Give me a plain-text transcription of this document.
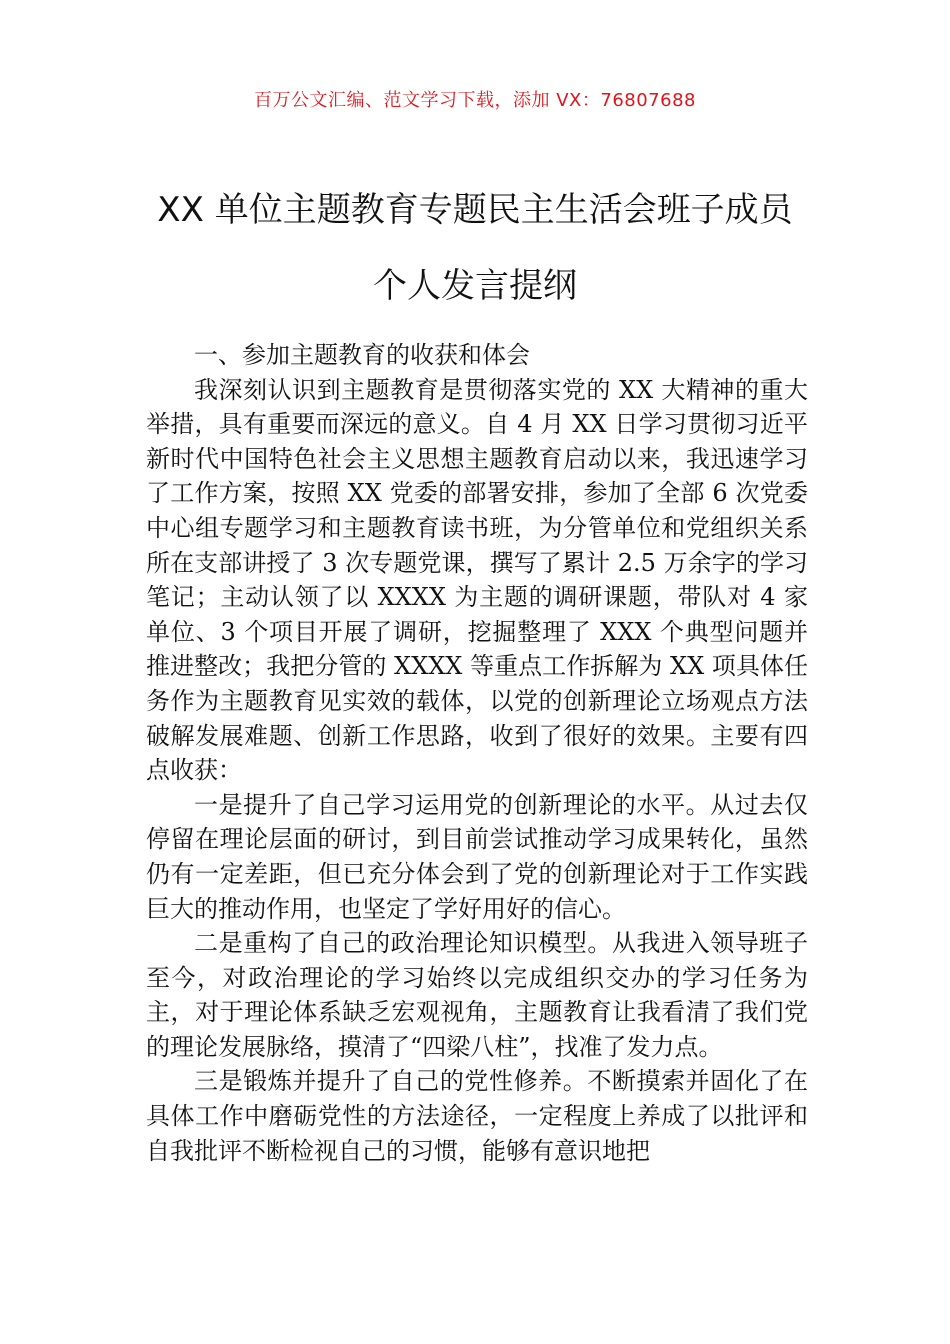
百万公文汇编、范文学习下载，添加 VX：76807688
XX 单位主题教育专题民主生活会班子成员
个人发言提纲

一、参加主题教育的收获和体会

我深刻认识到主题教育是贯彻落实党的 XX 大精神的重大举措，具有重要而深远的意义。自 4 月 XX 日学习贯彻习近平新时代中国特色社会主义思想主题教育启动以来，我迅速学习了工作方案，按照 XX 党委的部署安排，参加了全部 6 次党委中心组专题学习和主题教育读书班，为分管单位和党组织关系所在支部讲授了 3 次专题党课，撰写了累计 2.5 万余字的学习笔记；主动认领了以 XXXX 为主题的调研课题，带队对 4 家单位、3 个项目开展了调研，挖掘整理了 XXX 个典型问题并推进整改；我把分管的 XXXX 等重点工作拆解为 XX 项具体任务作为主题教育见实效的载体，以党的创新理论立场观点方法破解发展难题、创新工作思路，收到了很好的效果。主要有四点收获：

一是提升了自己学习运用党的创新理论的水平。从过去仅停留在理论层面的研讨，到目前尝试推动学习成果转化，虽然仍有一定差距，但已充分体会到了党的创新理论对于工作实践巨大的推动作用，也坚定了学好用好的信心。

二是重构了自己的政治理论知识模型。从我进入领导班子至今，对政治理论的学习始终以完成组织交办的学习任务为主，对于理论体系缺乏宏观视角，主题教育让我看清了我们党的理论发展脉络，摸清了“四梁八柱”，找准了发力点。

三是锻炼并提升了自己的党性修养。不断摸索并固化了在具体工作中磨砺党性的方法途径，一定程度上养成了以批评和自我批评不断检视自己的习惯，能够有意识地把
